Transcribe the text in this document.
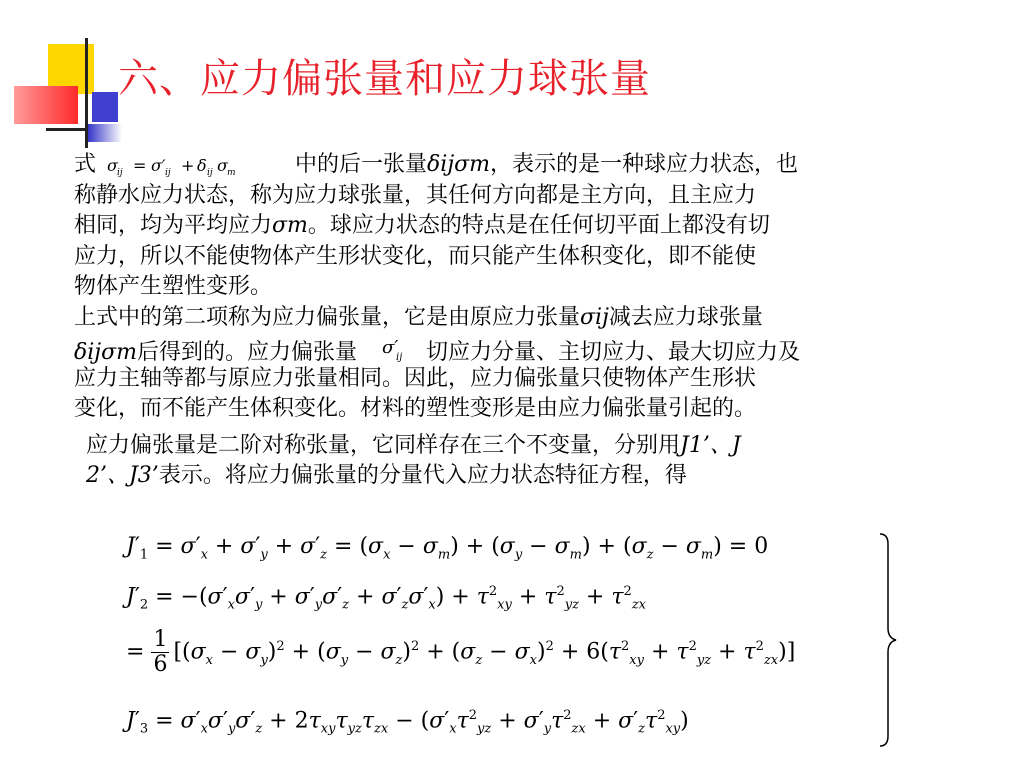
六、应力偏张量和应力球张量
式 σ ij = σ′ ij + δ ij σ m	中的后一张量δijσm，表示的是一种球应力状态，也
称静水应力状态，称为应力球张量，其任何方向都是主方向，且主应力
相同，均为平均应力σm。球应力状态的特点是在任何切平面上都没有切
应力，所以不能使物体产生形状变化，而只能产生体积变化，即不能使
物体产生塑性变形。
上式中的第二项称为应力偏张量，它是由原应力张量σij减去应力球张量
δijσm后得到的。应力偏张量 σ′
ij 切应力分量、主切应力、最大切应力及
应力主轴等都与原应力张量相同。因此，应力偏张量只使物体产生形状
变化，而不能产生体积变化。材料的塑性变形是由应力偏张量引起的。
应力偏张量是二阶对称张量，它同样存在三个不变量，分别用J1’、J
2’、J3’表示。将应力偏张量的分量代入应力状态特征方程，得
$J'_1 = \sigma'_x + \sigma'_y + \sigma'_z = (\sigma_x - \sigma_m) + (\sigma_y - \sigma_m) + (\sigma_z - \sigma_m) = 0$
$J'_2 = -(\sigma'_x\sigma'_y + \sigma'_y\sigma'_z + \sigma'_z\sigma'_x) + \tau^2_{xy} + \tau^2_{yz} + \tau^2_{zx}$
= $\frac{1}{6} [(\sigma_x - \sigma_y)^2 + (\sigma_y - \sigma_z)^2 + (\sigma_z - \sigma_x)^2 + 6(\tau^2_{xy} + \tau^2_{yz} + \tau^2_{zx})]$
$J'_3 = \sigma'_x\sigma'_y\sigma'_z + 2\tau_{xy}\tau_{yz}\tau_{zx} - (\sigma'_x\tau^2_{yz} + \sigma'_y\tau^2_{zx} + \sigma'_z\tau^2_{xy})$
